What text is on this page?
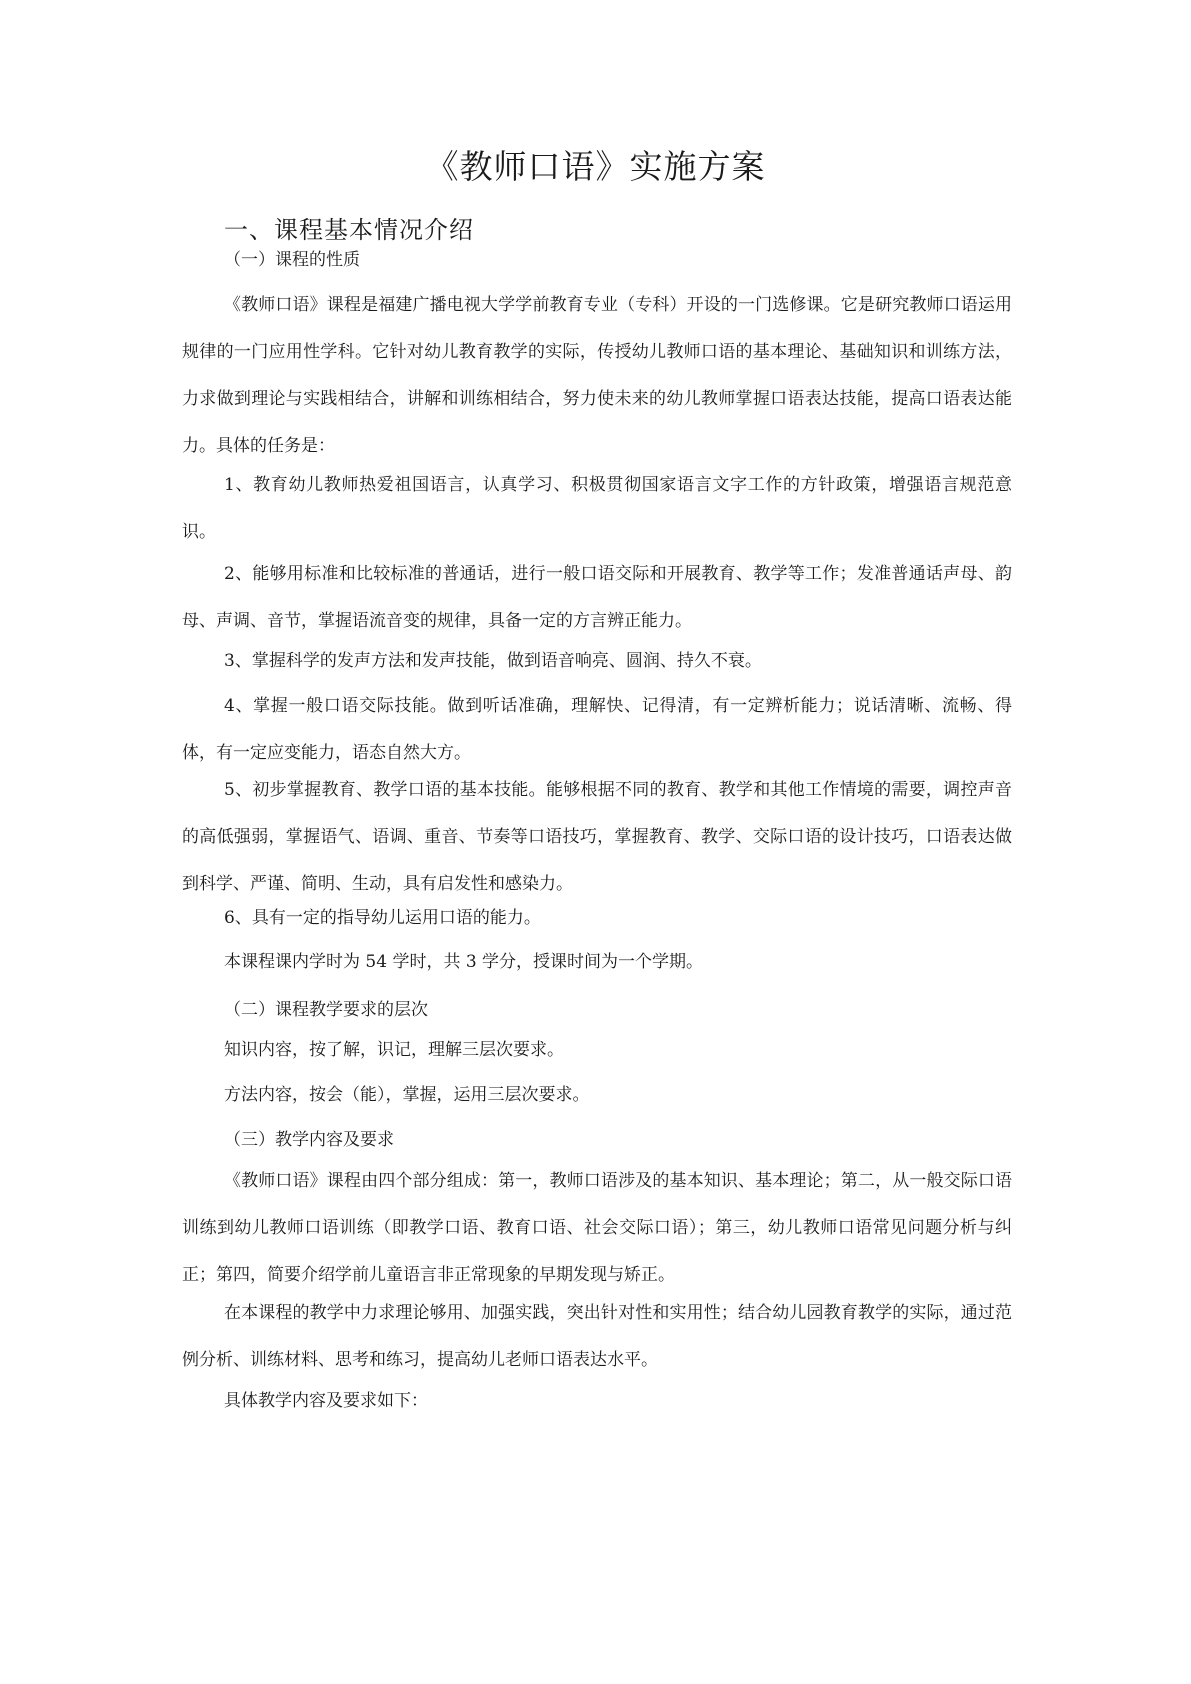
《教师口语》实施方案
一、课程基本情况介绍
（一）课程的性质

《教师口语》课程是福建广播电视大学学前教育专业（专科）开设的一门选修课。它是研究教师口语运用规律的一门应用性学科。它针对幼儿教育教学的实际，传授幼儿教师口语的基本理论、基础知识和训练方法，力求做到理论与实践相结合，讲解和训练相结合，努力使未来的幼儿教师掌握口语表达技能，提高口语表达能力。具体的任务是：

1、教育幼儿教师热爱祖国语言，认真学习、积极贯彻国家语言文字工作的方针政策，增强语言规范意识。

2、能够用标准和比较标准的普通话，进行一般口语交际和开展教育、教学等工作；发准普通话声母、韵母、声调、音节，掌握语流音变的规律，具备一定的方言辨正能力。

3、掌握科学的发声方法和发声技能，做到语音响亮、圆润、持久不衰。

4、掌握一般口语交际技能。做到听话准确，理解快、记得清，有一定辨析能力；说话清晰、流畅、得体，有一定应变能力，语态自然大方。

5、初步掌握教育、教学口语的基本技能。能够根据不同的教育、教学和其他工作情境的需要，调控声音的高低强弱，掌握语气、语调、重音、节奏等口语技巧，掌握教育、教学、交际口语的设计技巧，口语表达做到科学、严谨、简明、生动，具有启发性和感染力。

6、具有一定的指导幼儿运用口语的能力。

本课程课内学时为 54 学时，共 3 学分，授课时间为一个学期。

（二）课程教学要求的层次

知识内容，按了解，识记，理解三层次要求。

方法内容，按会（能），掌握，运用三层次要求。

（三）教学内容及要求

《教师口语》课程由四个部分组成：第一，教师口语涉及的基本知识、基本理论；第二，从一般交际口语训练到幼儿教师口语训练（即教学口语、教育口语、社会交际口语）；第三，幼儿教师口语常见问题分析与纠正；第四，简要介绍学前儿童语言非正常现象的早期发现与矫正。

在本课程的教学中力求理论够用、加强实践，突出针对性和实用性；结合幼儿园教育教学的实际，通过范例分析、训练材料、思考和练习，提高幼儿老师口语表达水平。

具体教学内容及要求如下：
